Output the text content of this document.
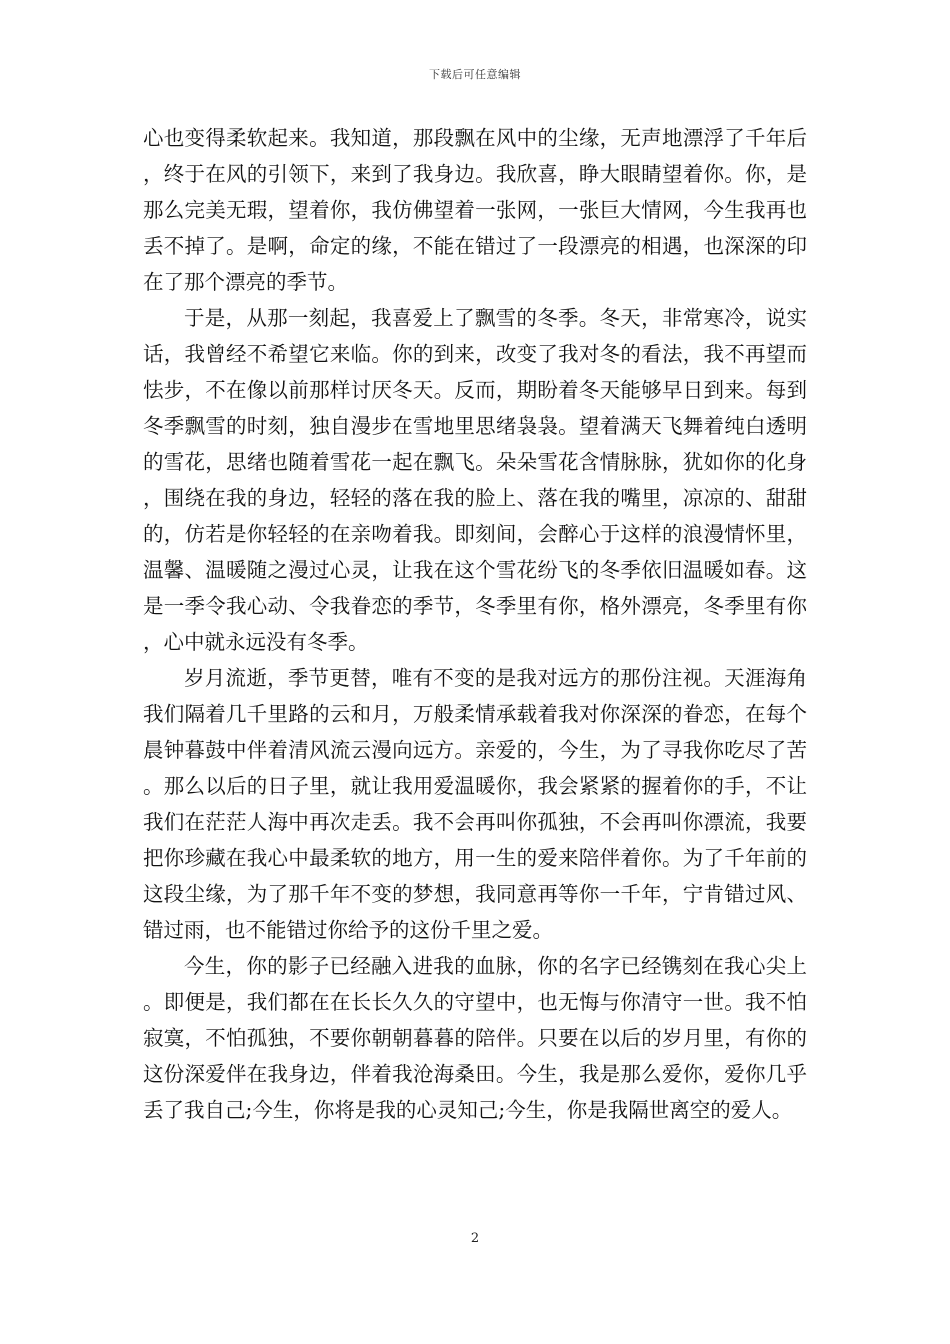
下载后可任意编辑

心也变得柔软起来。我知道，那段飘在风中的尘缘，无声地漂浮了千年后，终于在风的引领下，来到了我身边。我欣喜，睁大眼睛望着你。你，是那么完美无瑕，望着你，我仿佛望着一张网，一张巨大情网，今生我再也丢不掉了。是啊，命定的缘，不能在错过了一段漂亮的相遇，也深深的印在了那个漂亮的季节。

于是，从那一刻起，我喜爱上了飘雪的冬季。冬天，非常寒冷，说实话，我曾经不希望它来临。你的到来，改变了我对冬的看法，我不再望而怯步，不在像以前那样讨厌冬天。反而，期盼着冬天能够早日到来。每到冬季飘雪的时刻，独自漫步在雪地里思绪袅袅。望着满天飞舞着纯白透明的雪花，思绪也随着雪花一起在飘飞。朵朵雪花含情脉脉，犹如你的化身，围绕在我的身边，轻轻的落在我的脸上、落在我的嘴里，凉凉的、甜甜的，仿若是你轻轻的在亲吻着我。即刻间，会醉心于这样的浪漫情怀里，温馨、温暖随之漫过心灵，让我在这个雪花纷飞的冬季依旧温暖如春。这是一季令我心动、令我眷恋的季节，冬季里有你，格外漂亮，冬季里有你，心中就永远没有冬季。

岁月流逝，季节更替，唯有不变的是我对远方的那份注视。天涯海角我们隔着几千里路的云和月，万般柔情承载着我对你深深的眷恋，在每个晨钟暮鼓中伴着清风流云漫向远方。亲爱的，今生，为了寻我你吃尽了苦。那么以后的日子里，就让我用爱温暖你，我会紧紧的握着你的手，不让我们在茫茫人海中再次走丢。我不会再叫你孤独，不会再叫你漂流，我要把你珍藏在我心中最柔软的地方，用一生的爱来陪伴着你。为了千年前的这段尘缘，为了那千年不变的梦想，我同意再等你一千年，宁肯错过风、错过雨，也不能错过你给予的这份千里之爱。

今生，你的影子已经融入进我的血脉，你的名字已经镌刻在我心尖上。即便是，我们都在在长长久久的守望中，也无悔与你清守一世。我不怕寂寞，不怕孤独，不要你朝朝暮暮的陪伴。只要在以后的岁月里，有你的这份深爱伴在我身边，伴着我沧海桑田。今生，我是那么爱你，爱你几乎丢了我自己;今生，你将是我的心灵知己;今生，你是我隔世离空的爱人。

2
